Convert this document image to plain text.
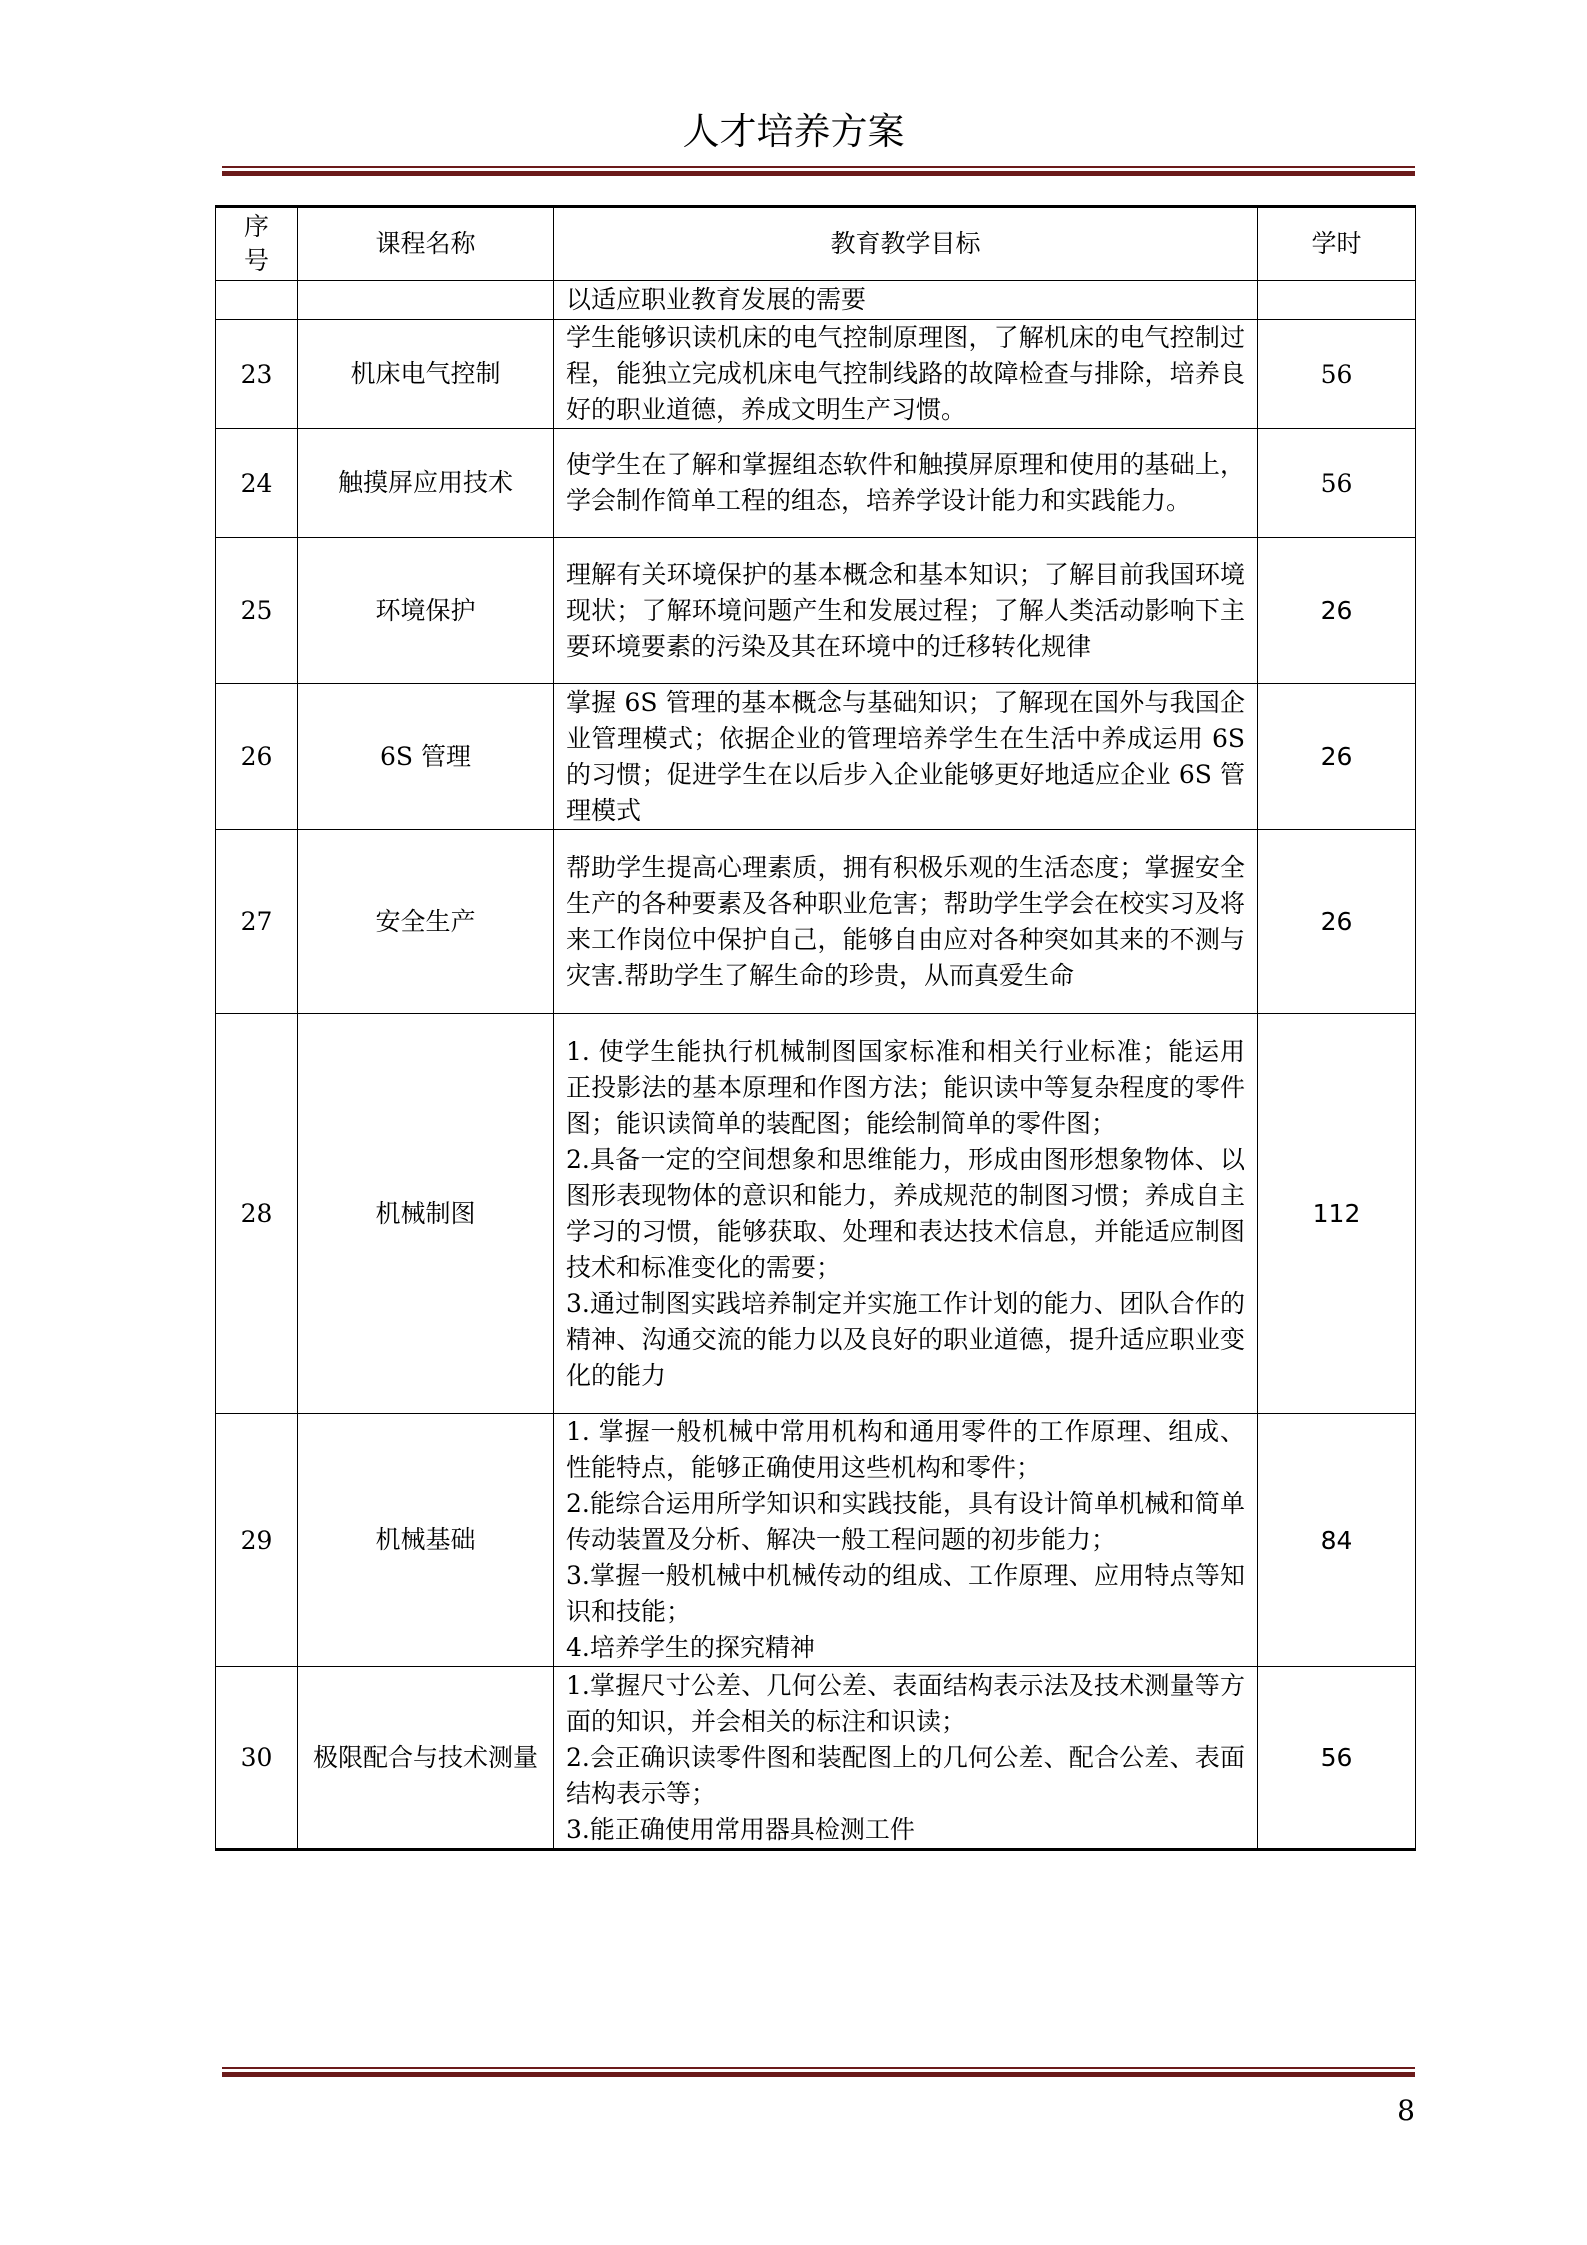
人才培养方案
序号	课程名称	教育教学目标	学时
		以适应职业教育发展的需要	
23	机床电气控制	学生能够识读机床的电气控制原理图，了解机床的电气控制过程，能独立完成机床电气控制线路的故障检查与排除，培养良好的职业道德，养成文明生产习惯。	56
24	触摸屏应用技术	使学生在了解和掌握组态软件和触摸屏原理和使用的基础上，学会制作简单工程的组态，培养学设计能力和实践能力。	56
25	环境保护	理解有关环境保护的基本概念和基本知识；了解目前我国环境现状；了解环境问题产生和发展过程；了解人类活动影响下主要环境要素的污染及其在环境中的迁移转化规律	26
26	6S 管理	掌握 6S 管理的基本概念与基础知识；了解现在国外与我国企业管理模式；依据企业的管理培养学生在生活中养成运用 6S 的习惯；促进学生在以后步入企业能够更好地适应企业 6S 管理模式	26
27	安全生产	帮助学生提高心理素质，拥有积极乐观的生活态度；掌握安全生产的各种要素及各种职业危害；帮助学生学会在校实习及将来工作岗位中保护自己，能够自由应对各种突如其来的不测与灾害.帮助学生了解生命的珍贵，从而真爱生命	26
28	机械制图	1. 使学生能执行机械制图国家标准和相关行业标准；能运用正投影法的基本原理和作图方法；能识读中等复杂程度的零件图；能识读简单的装配图；能绘制简单的零件图；
2.具备一定的空间想象和思维能力，形成由图形想象物体、以图形表现物体的意识和能力，养成规范的制图习惯；养成自主学习的习惯，能够获取、处理和表达技术信息，并能适应制图技术和标准变化的需要；
3.通过制图实践培养制定并实施工作计划的能力、团队合作的精神、沟通交流的能力以及良好的职业道德，提升适应职业变化的能力	112
29	机械基础	1. 掌握一般机械中常用机构和通用零件的工作原理、组成、性能特点，能够正确使用这些机构和零件；
2.能综合运用所学知识和实践技能，具有设计简单机械和简单传动装置及分析、解决一般工程问题的初步能力；
3.掌握一般机械中机械传动的组成、工作原理、应用特点等知识和技能；
4.培养学生的探究精神	84
30	极限配合与技术测量	1.掌握尺寸公差、几何公差、表面结构表示法及技术测量等方面的知识，并会相关的标注和识读；
2.会正确识读零件图和装配图上的几何公差、配合公差、表面结构表示等；
3.能正确使用常用器具检测工件	56
8
